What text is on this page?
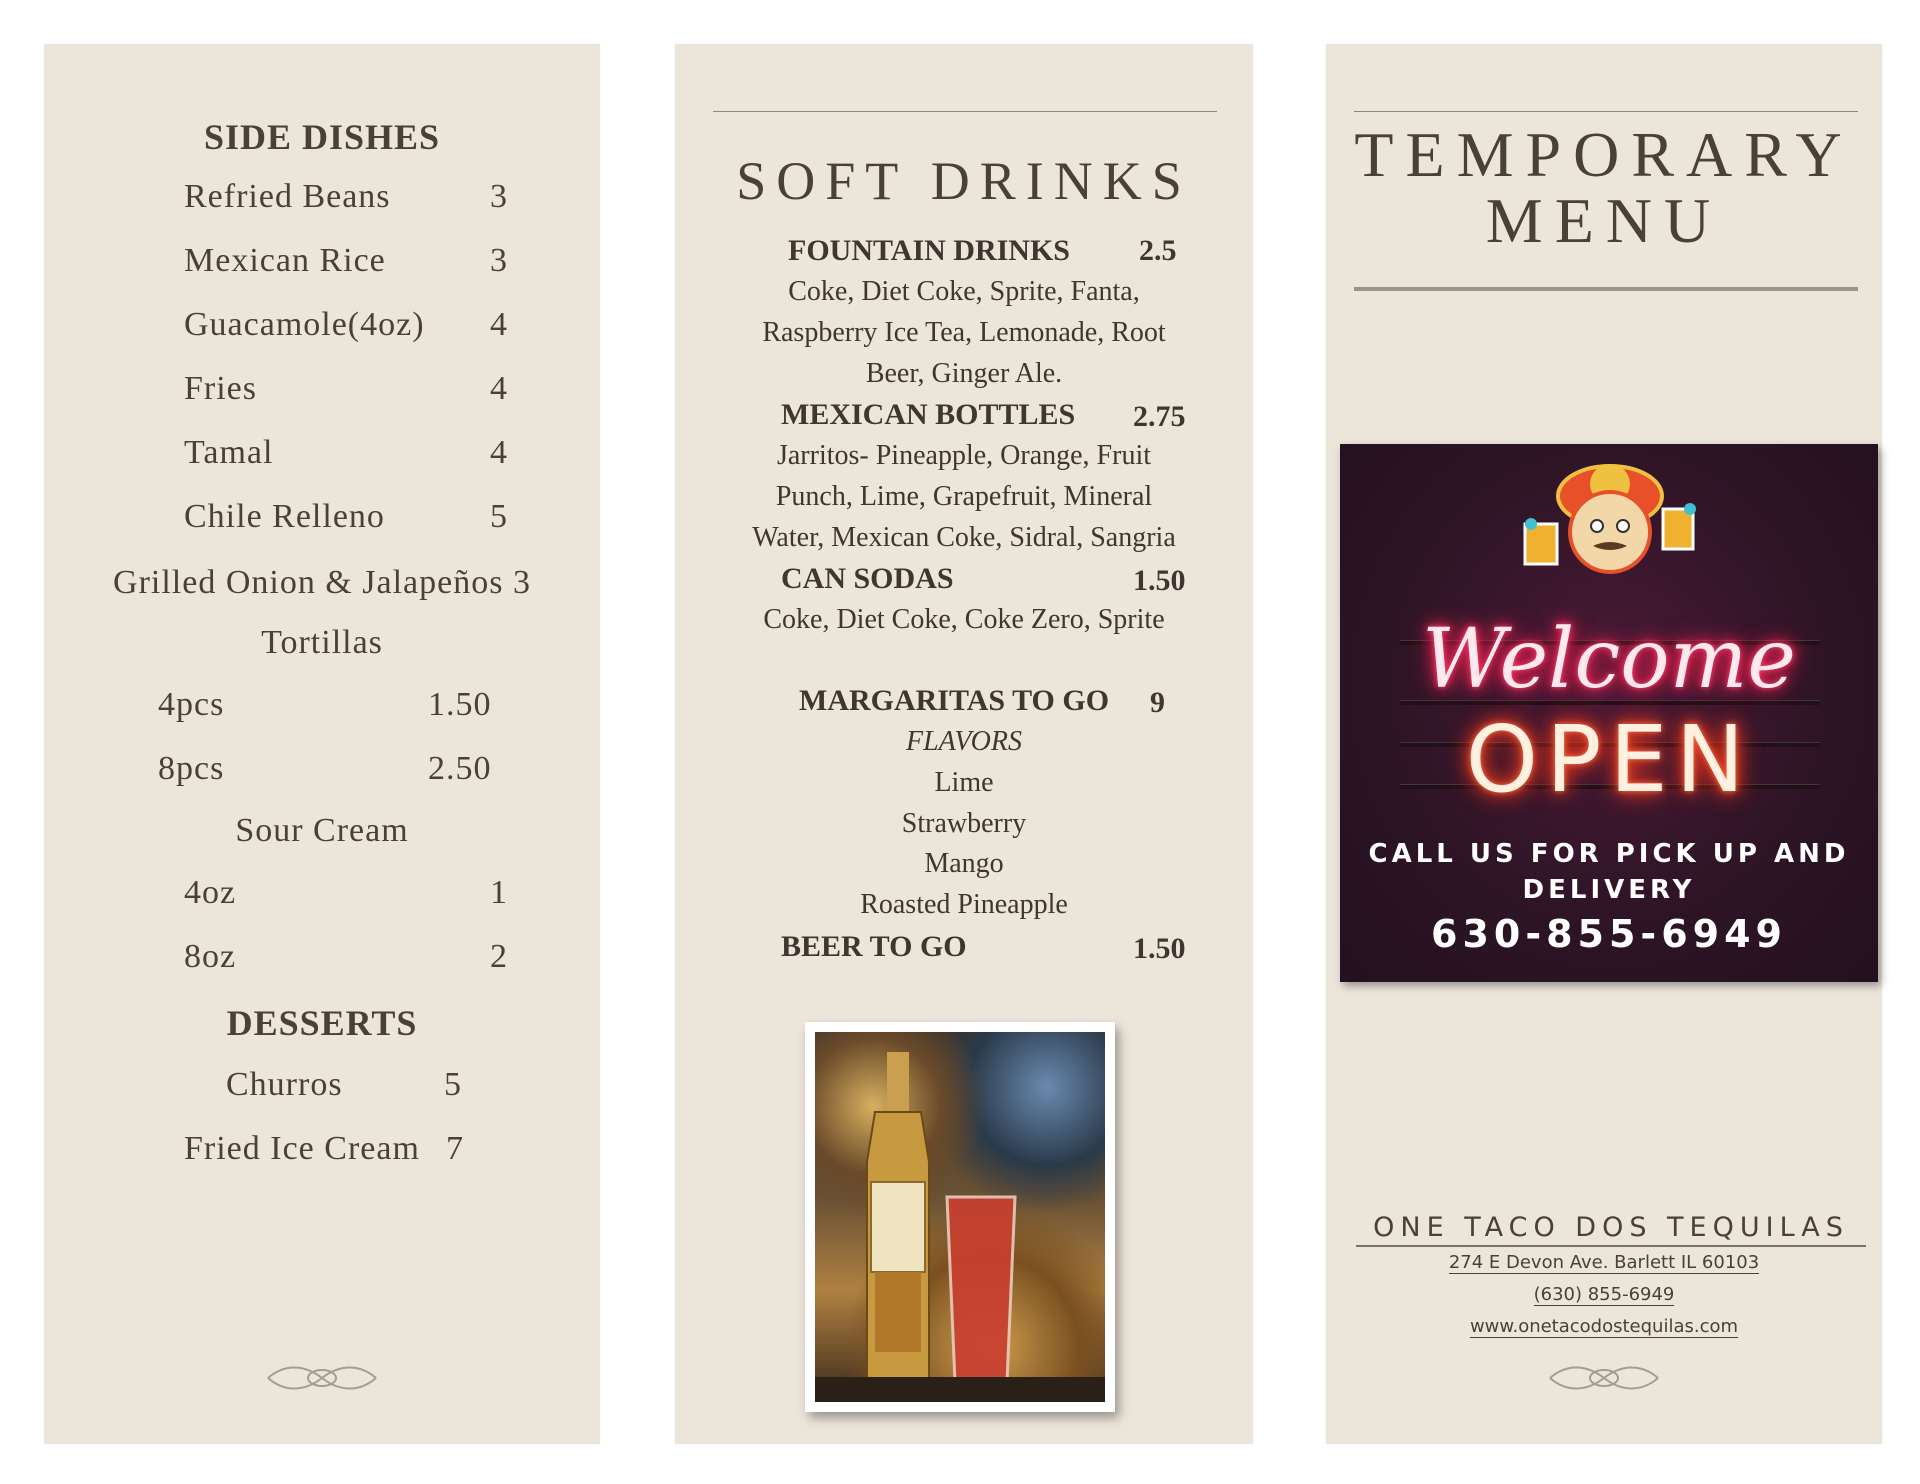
SIDE DISHES
Refried Beans	3
Mexican Rice	3
Guacamole(4oz) 4
Fries	4
Tamal	4
Chile Relleno	5
Grilled Onion & Jalapeños 3
Tortillas
4pcs	1.50
8pcs	2.50
Sour Cream
4oz	1
8oz	2
DESSERTS
Churros	5
Fried Ice Cream 7
SOFT DRINKS
FOUNTAIN DRINKS 2.5
Coke, Diet Coke, Sprite, Fanta,
Raspberry Ice Tea, Lemonade, Root
Beer, Ginger Ale.
MEXICAN BOTTLES 2.75
Jarritos- Pineapple, Orange, Fruit
Punch, Lime, Grapefruit, Mineral
Water, Mexican Coke, Sidral, Sangria
CAN SODAS	1.50
Coke, Diet Coke, Coke Zero, Sprite
MARGARITAS TO GO 9
FLAVORS
Lime
Strawberry
Mango
Roasted Pineapple
BEER TO GO	1.50
TEMPORARY
MENU
Welcome
OPEN
CALL US FOR PICK UP AND
DELIVERY
630-855-6949
ONE TACO DOS TEQUILAS
274 E Devon Ave. Barlett IL 60103
(630) 855-6949
www.onetacodostequilas.com
